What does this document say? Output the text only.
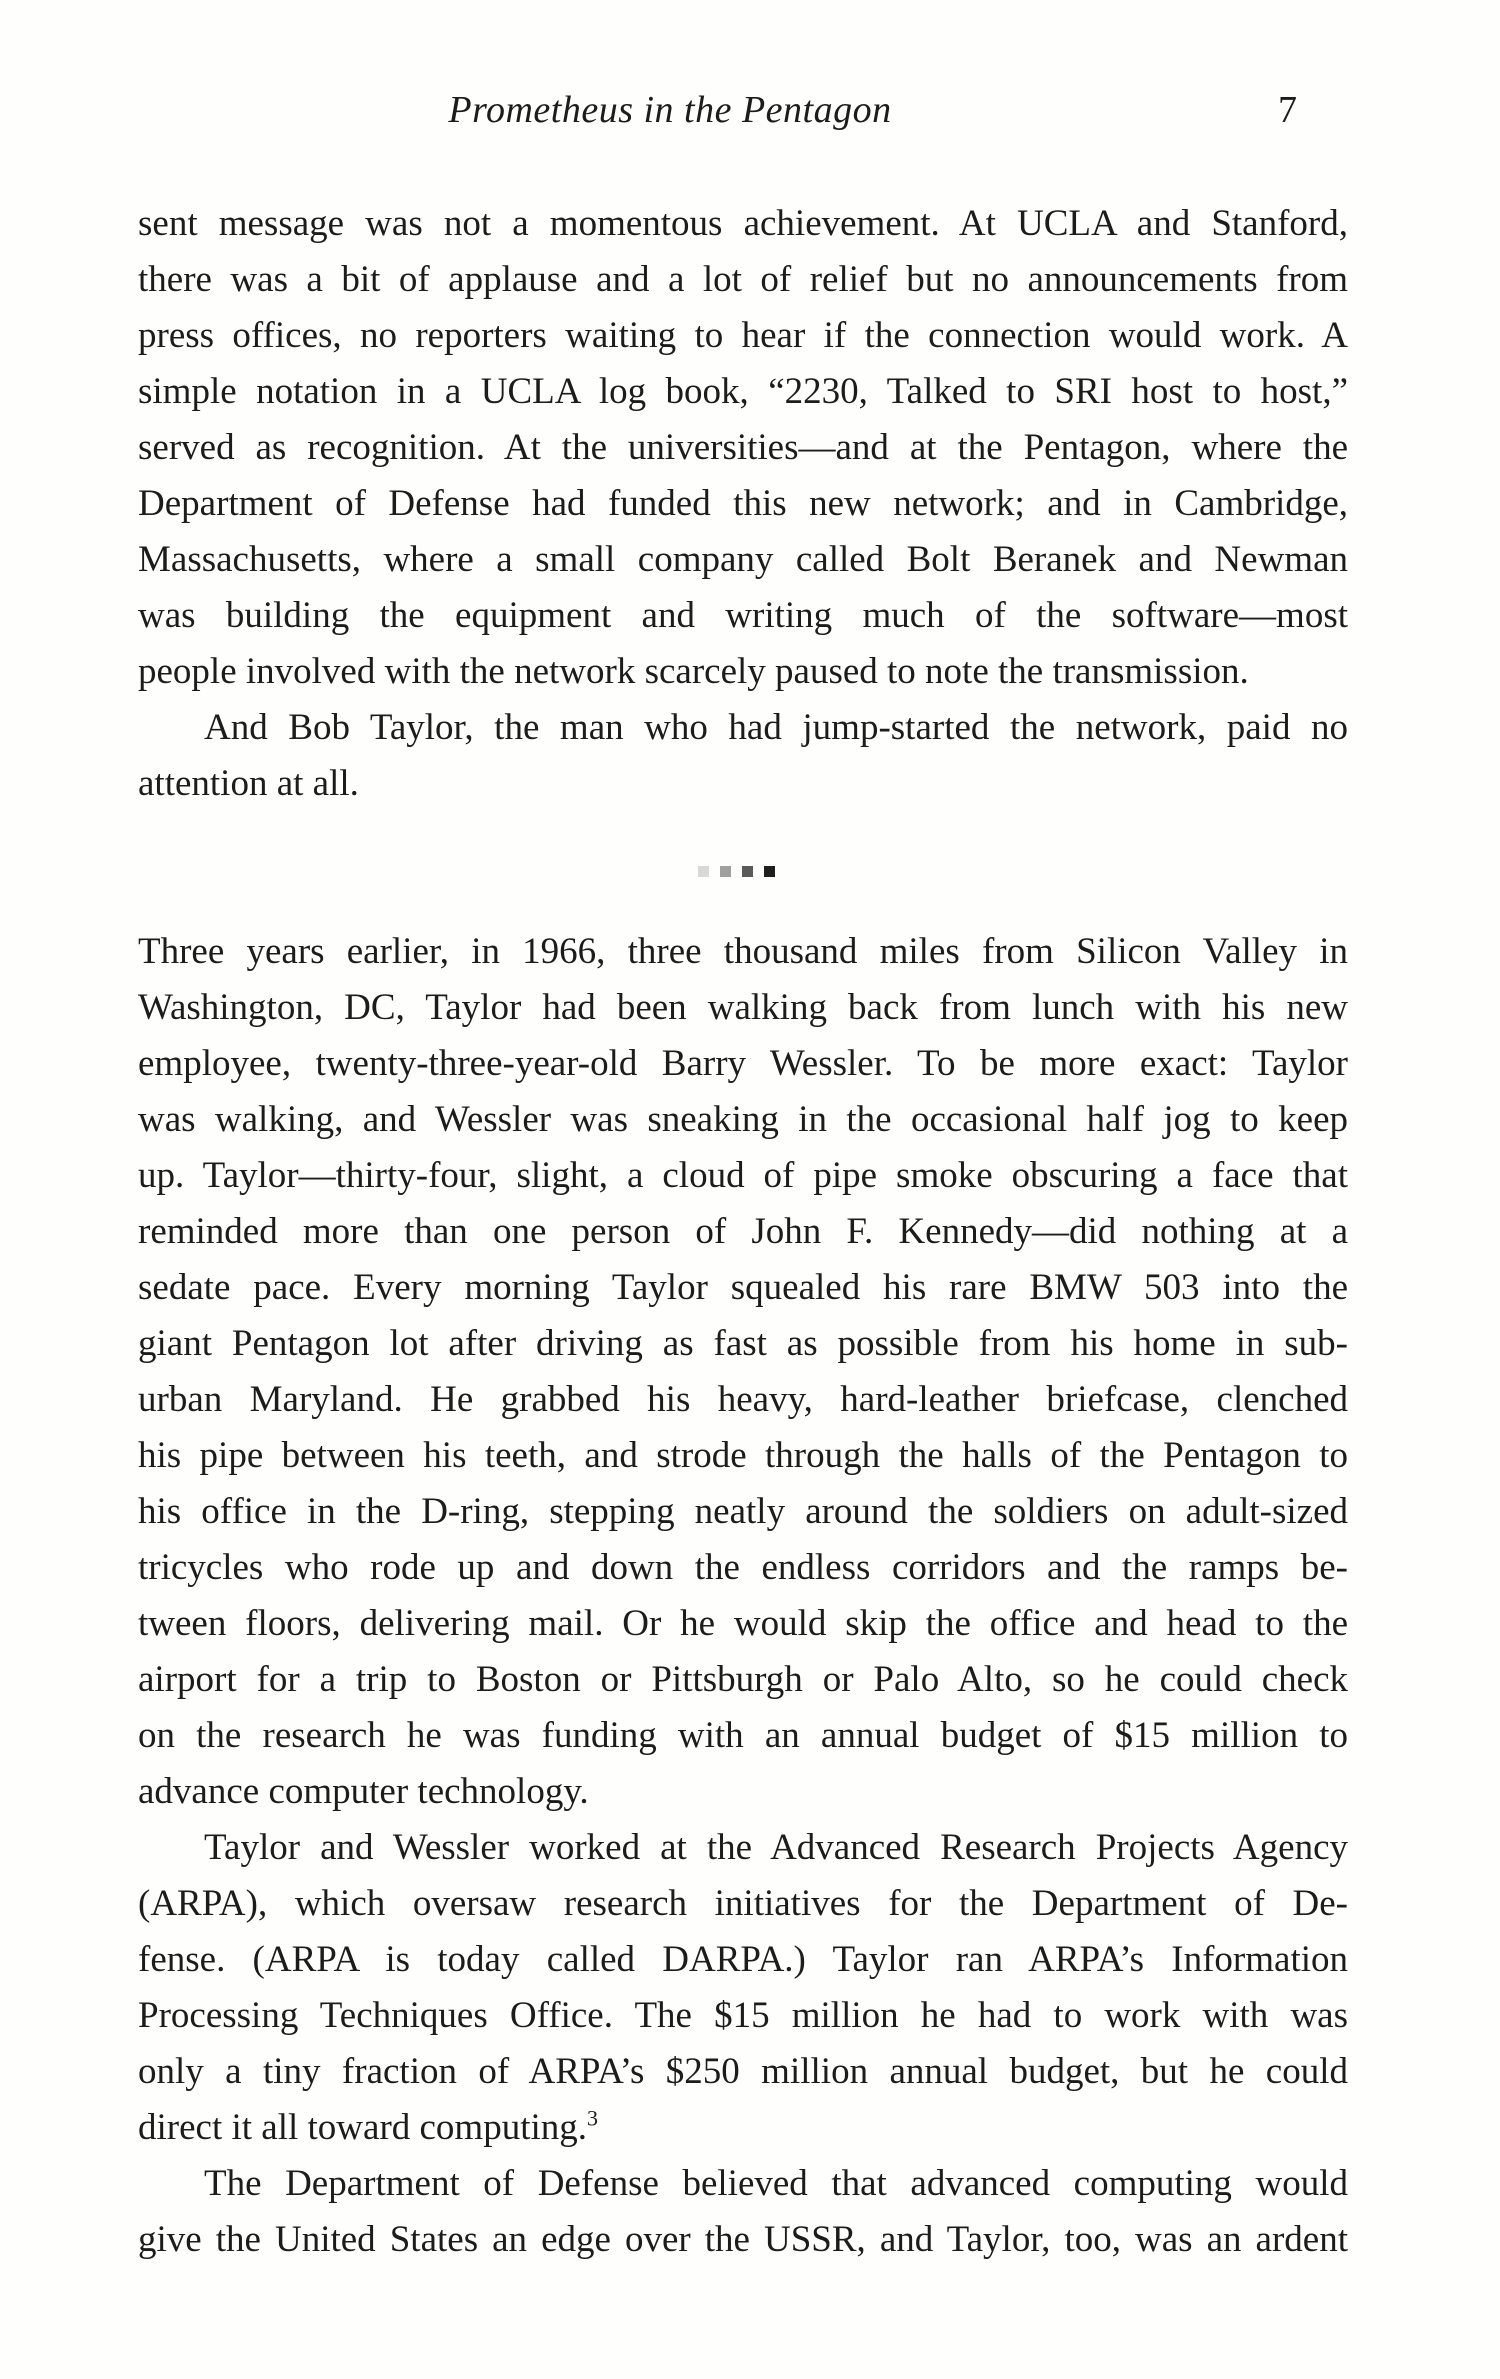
Prometheus in the Pentagon	7
sent message was not a momentous achievement. At UCLA and Stanford,
there was a bit of applause and a lot of relief but no announcements from
press offices, no reporters waiting to hear if the connection would work. A
simple notation in a UCLA log book, “2230, Talked to SRI host to host,”
served as recognition. At the universities—and at the Pentagon, where the
Department of Defense had funded this new network; and in Cambridge,
Massachusetts, where a small company called Bolt Beranek and Newman
was building the equipment and writing much of the software—most
people involved with the network scarcely paused to note the transmission.
And Bob Taylor, the man who had jump-started the network, paid no
attention at all.
Three years earlier, in 1966, three thousand miles from Silicon Valley in
Washington, DC, Taylor had been walking back from lunch with his new
employee, twenty-three-year-old Barry Wessler. To be more exact: Taylor
was walking, and Wessler was sneaking in the occasional half jog to keep
up. Taylor—thirty-four, slight, a cloud of pipe smoke obscuring a face that
reminded more than one person of John F. Kennedy—did nothing at a
sedate pace. Every morning Taylor squealed his rare BMW 503 into the
giant Pentagon lot after driving as fast as possible from his home in sub-
urban Maryland. He grabbed his heavy, hard-leather briefcase, clenched
his pipe between his teeth, and strode through the halls of the Pentagon to
his office in the D-ring, stepping neatly around the soldiers on adult-sized
tricycles who rode up and down the endless corridors and the ramps be-
tween floors, delivering mail. Or he would skip the office and head to the
airport for a trip to Boston or Pittsburgh or Palo Alto, so he could check
on the research he was funding with an annual budget of $15 million to
advance computer technology.
Taylor and Wessler worked at the Advanced Research Projects Agency
(ARPA), which oversaw research initiatives for the Department of De-
fense. (ARPA is today called DARPA.) Taylor ran ARPA’s Information
Processing Techniques Office. The $15 million he had to work with was
only a tiny fraction of ARPA’s $250 million annual budget, but he could
direct it all toward computing.$^3$
The Department of Defense believed that advanced computing would
give the United States an edge over the USSR, and Taylor, too, was an ardent
